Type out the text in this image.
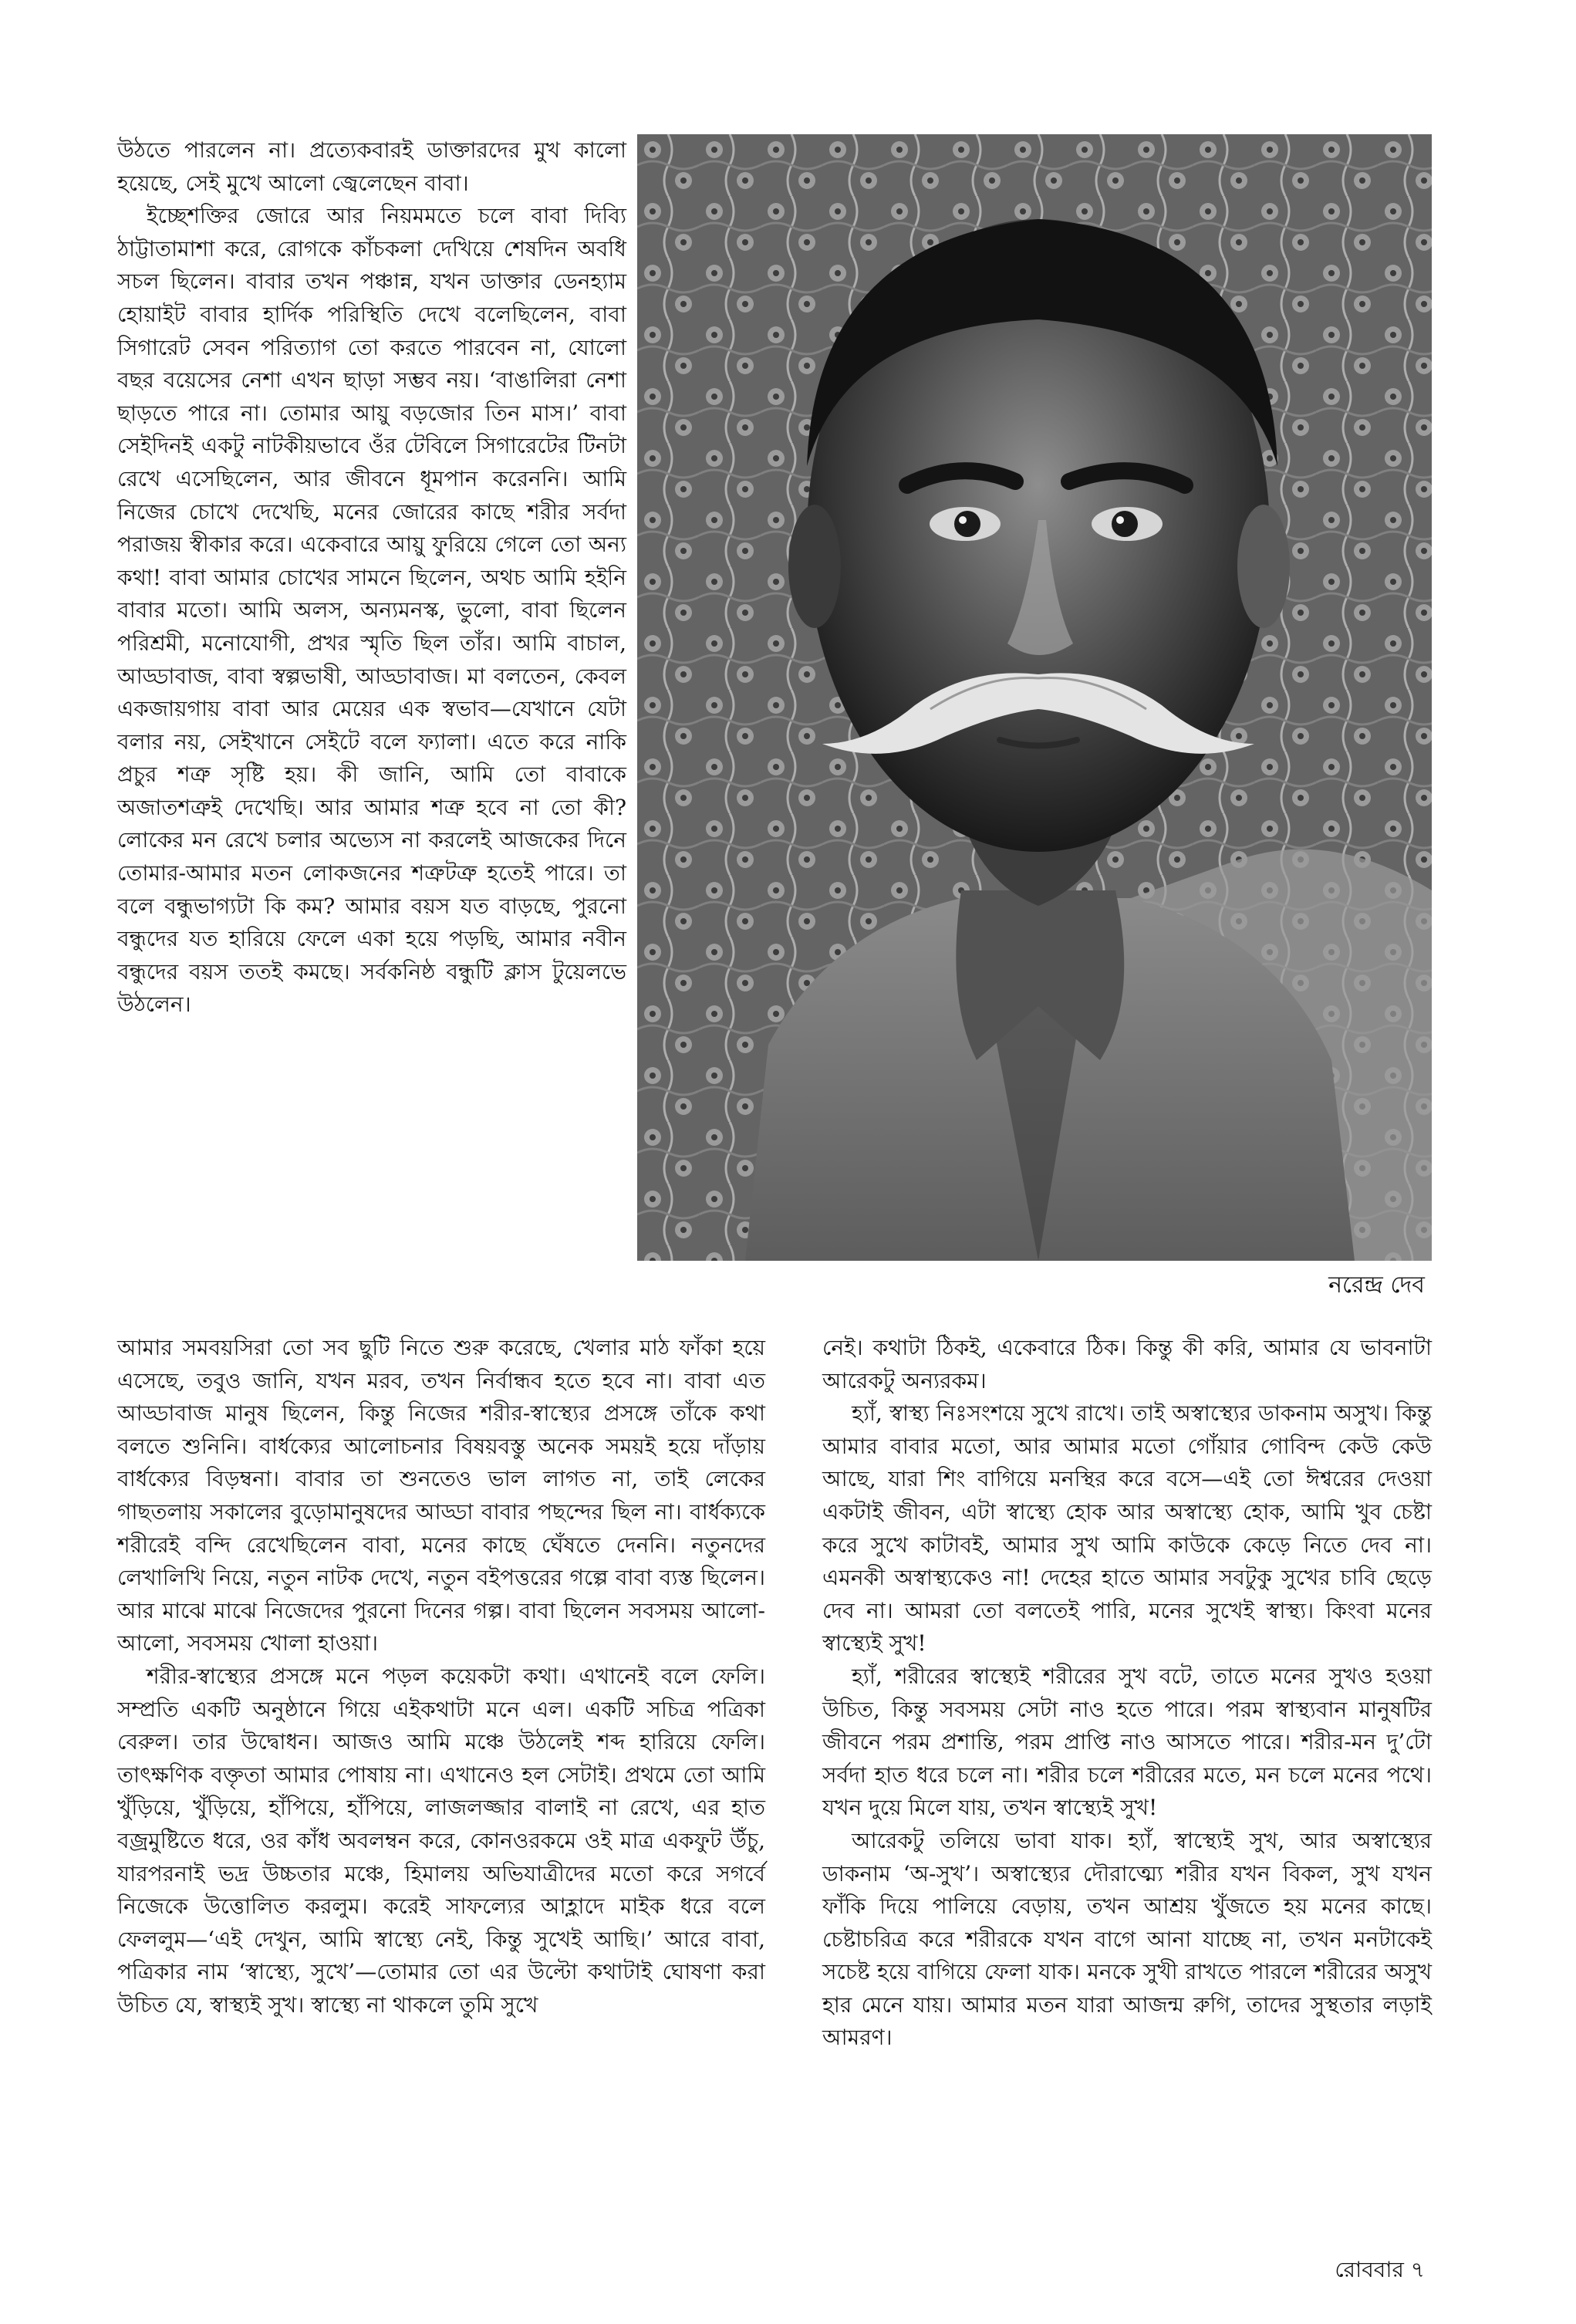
উঠতে পারলেন না। প্রত্যেকবারই ডাক্তারদের মুখ কালো হয়েছে, সেই মুখে আলো জ্বেলেছেন বাবা।

ইচ্ছেশক্তির জোরে আর নিয়মমতে চলে বাবা দিব্যি ঠাট্টাতামাশা করে, রোগকে কাঁচকলা দেখিয়ে শেষদিন অবধি সচল ছিলেন। বাবার তখন পঞ্চান্ন, যখন ডাক্তার ডেনহ্যাম হোয়াইট বাবার হার্দিক পরিস্থিতি দেখে বলেছিলেন, বাবা সিগারেট সেবন পরিত্যাগ তো করতে পারবেন না, যোলো বছর বয়েসের নেশা এখন ছাড়া সম্ভব নয়। ‘বাঙালিরা নেশা ছাড়তে পারে না। তোমার আয়ু বড়জোর তিন মাস।’ বাবা সেইদিনই একটু নাটকীয়ভাবে ওঁর টেবিলে সিগারেটের টিনটা রেখে এসেছিলেন, আর জীবনে ধূমপান করেননি। আমি নিজের চোখে দেখেছি, মনের জোরের কাছে শরীর সর্বদা পরাজয় স্বীকার করে। একেবারে আয়ু ফুরিয়ে গেলে তো অন্য কথা! বাবা আমার চোখের সামনে ছিলেন, অথচ আমি হইনি বাবার মতো। আমি অলস, অন্যমনস্ক, ভুলো, বাবা ছিলেন পরিশ্রমী, মনোযোগী, প্রখর স্মৃতি ছিল তাঁর। আমি বাচাল, আড্ডাবাজ, বাবা স্বল্পভাষী, আড্ডাবাজ। মা বলতেন, কেবল একজায়গায় বাবা আর মেয়ের এক স্বভাব—যেখানে যেটা বলার নয়, সেইখানে সেইটে বলে ফ্যালা। এতে করে নাকি প্রচুর শত্রু সৃষ্টি হয়। কী জানি, আমি তো বাবাকে অজাতশত্রুই দেখেছি। আর আমার শত্রু হবে না তো কী? লোকের মন রেখে চলার অভ্যেস না করলেই আজকের দিনে তোমার-আমার মতন লোকজনের শত্রুটত্রু হতেই পারে। তা বলে বন্ধুভাগ্যটা কি কম? আমার বয়স যত বাড়ছে, পুরনো বন্ধুদের যত হারিয়ে ফেলে একা হয়ে পড়ছি, আমার নবীন বন্ধুদের বয়স ততই কমছে। সর্বকনিষ্ঠ বন্ধুটি ক্লাস টুয়েলভে উঠলেন।

নরেন্দ্র দেব

আমার সমবয়সিরা তো সব ছুটি নিতে শুরু করেছে, খেলার মাঠ ফাঁকা হয়ে এসেছে, তবুও জানি, যখন মরব, তখন নির্বান্ধব হতে হবে না। বাবা এত আড্ডাবাজ মানুষ ছিলেন, কিন্তু নিজের শরীর-স্বাস্থ্যের প্রসঙ্গে তাঁকে কথা বলতে শুনিনি। বার্ধক্যের আলোচনার বিষয়বস্তু অনেক সময়ই হয়ে দাঁড়ায় বার্ধক্যের বিড়ম্বনা। বাবার তা শুনতেও ভাল লাগত না, তাই লেকের গাছতলায় সকালের বুড়োমানুষদের আড্ডা বাবার পছন্দের ছিল না। বার্ধক্যকে শরীরেই বন্দি রেখেছিলেন বাবা, মনের কাছে ঘেঁষতে দেননি। নতুনদের লেখালিখি নিয়ে, নতুন নাটক দেখে, নতুন বইপত্তরের গল্পে বাবা ব্যস্ত ছিলেন। আর মাঝে মাঝে নিজেদের পুরনো দিনের গল্প। বাবা ছিলেন সবসময় আলো-আলো, সবসময় খোলা হাওয়া।

শরীর-স্বাস্থ্যের প্রসঙ্গে মনে পড়ল কয়েকটা কথা। এখানেই বলে ফেলি। সম্প্রতি একটি অনুষ্ঠানে গিয়ে এইকথাটা মনে এল। একটি সচিত্র পত্রিকা বেরুল। তার উদ্বোধন। আজও আমি মঞ্চে উঠলেই শব্দ হারিয়ে ফেলি। তাৎক্ষণিক বক্তৃতা আমার পোষায় না। এখানেও হল সেটাই। প্রথমে তো আমি খুঁড়িয়ে, খুঁড়িয়ে, হাঁপিয়ে, হাঁপিয়ে, লাজলজ্জার বালাই না রেখে, এর হাত বজ্রমুষ্টিতে ধরে, ওর কাঁধ অবলম্বন করে, কোনওরকমে ওই মাত্র একফুট উঁচু, যারপরনাই ভদ্র উচ্চতার মঞ্চে, হিমালয় অভিযাত্রীদের মতো করে সগর্বে নিজেকে উত্তোলিত করলুম। করেই সাফল্যের আহ্লাদে মাইক ধরে বলে ফেললুম—‘এই দেখুন, আমি স্বাস্থ্যে নেই, কিন্তু সুখেই আছি।’ আরে বাবা, পত্রিকার নাম ‘স্বাস্থ্যে, সুখে’—তোমার তো এর উল্টো কথাটাই ঘোষণা করা উচিত যে, স্বাস্থ্যই সুখ। স্বাস্থ্যে না থাকলে তুমি সুখে

নেই। কথাটা ঠিকই, একেবারে ঠিক। কিন্তু কী করি, আমার যে ভাবনাটা আরেকটু অন্যরকম।

হ্যাঁ, স্বাস্থ্য নিঃসংশয়ে সুখে রাখে। তাই অস্বাস্থ্যের ডাকনাম অসুখ। কিন্তু আমার বাবার মতো, আর আমার মতো গোঁয়ার গোবিন্দ কেউ কেউ আছে, যারা শিং বাগিয়ে মনস্থির করে বসে—এই তো ঈশ্বরের দেওয়া একটাই জীবন, এটা স্বাস্থ্যে হোক আর অস্বাস্থ্যে হোক, আমি খুব চেষ্টা করে সুখে কাটাবই, আমার সুখ আমি কাউকে কেড়ে নিতে দেব না। এমনকী অস্বাস্থ্যকেও না! দেহের হাতে আমার সবটুকু সুখের চাবি ছেড়ে দেব না। আমরা তো বলতেই পারি, মনের সুখেই স্বাস্থ্য। কিংবা মনের স্বাস্থ্যেই সুখ!

হ্যাঁ, শরীরের স্বাস্থ্যেই শরীরের সুখ বটে, তাতে মনের সুখও হওয়া উচিত, কিন্তু সবসময় সেটা নাও হতে পারে। পরম স্বাস্থ্যবান মানুষটির জীবনে পরম প্রশান্তি, পরম প্রাপ্তি নাও আসতে পারে। শরীর-মন দু’টো সর্বদা হাত ধরে চলে না। শরীর চলে শরীরের মতে, মন চলে মনের পথে। যখন দুয়ে মিলে যায়, তখন স্বাস্থ্যেই সুখ!

আরেকটু তলিয়ে ভাবা যাক। হ্যাঁ, স্বাস্থ্যেই সুখ, আর অস্বাস্থ্যের ডাকনাম ‘অ-সুখ’। অস্বাস্থ্যের দৌরাত্ম্যে শরীর যখন বিকল, সুখ যখন ফাঁকি দিয়ে পালিয়ে বেড়ায়, তখন আশ্রয় খুঁজতে হয় মনের কাছে। চেষ্টাচরিত্র করে শরীরকে যখন বাগে আনা যাচ্ছে না, তখন মনটাকেই সচেষ্ট হয়ে বাগিয়ে ফেলা যাক। মনকে সুখী রাখতে পারলে শরীরের অসুখ হার মেনে যায়। আমার মতন যারা আজন্ম রুগি, তাদের সুস্থতার লড়াই আমরণ।

রোববার ৭
